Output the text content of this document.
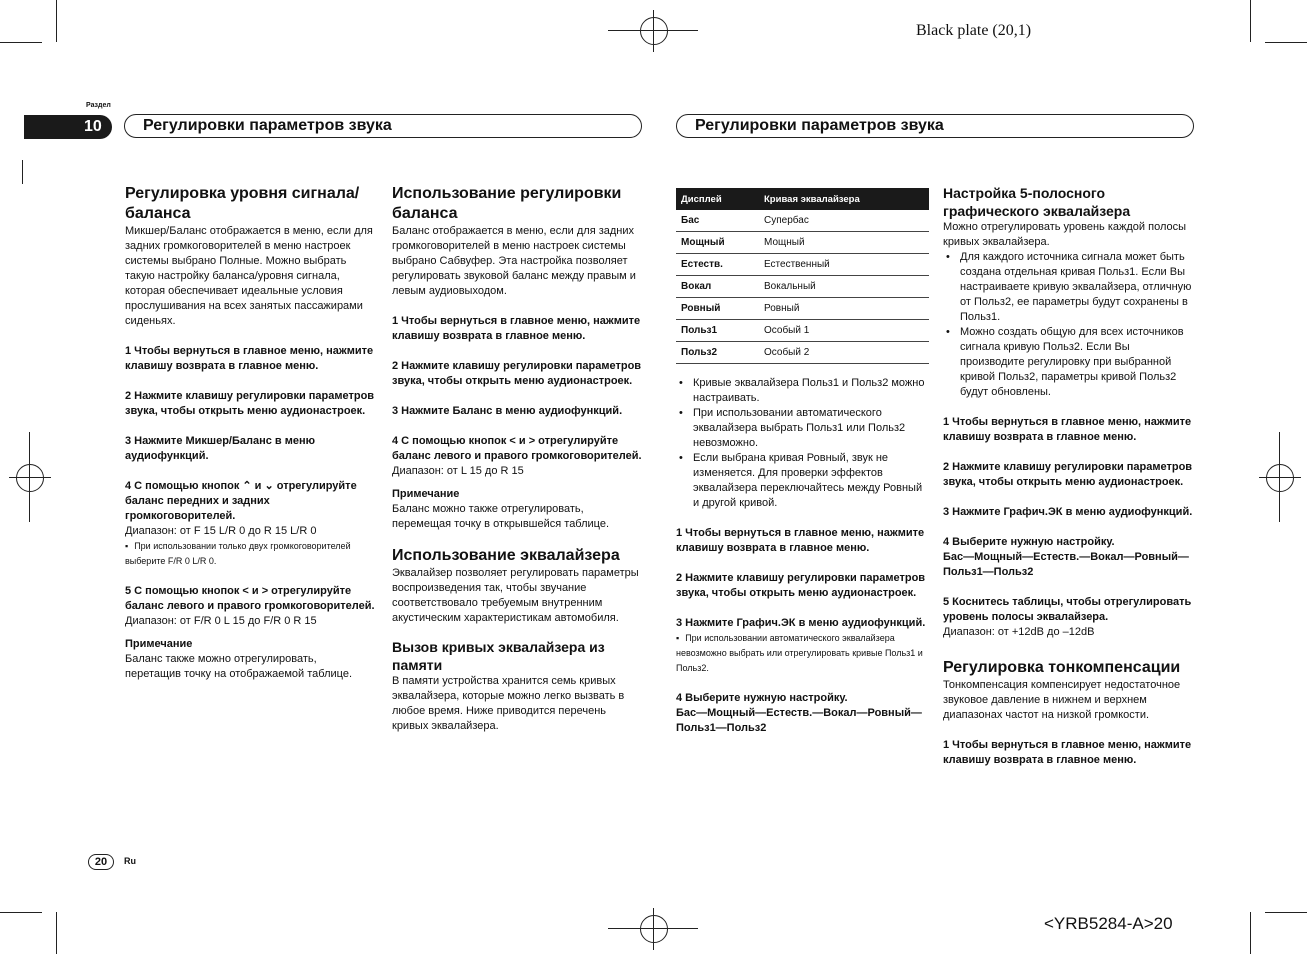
Black plate (20,1)
Раздел
10	Регулировки параметров звука	Регулировки параметров звука

Регулировка уровня сигнала/баланса

Микшер/Баланс отображается в меню, если для задних громкоговорителей в меню настроек системы выбрано Полные. Можно выбрать такую настройку баланса/уровня сигнала, которая обеспечивает идеальные условия прослушивания на всех занятых пассажирами сиденьях.

1 Чтобы вернуться в главное меню, нажмите клавишу возврата в главное меню.

2 Нажмите клавишу регулировки параметров звука, чтобы открыть меню аудионастроек.

3 Нажмите Микшер/Баланс в меню аудиофункций.

4 С помощью кнопок ⌃ и ⌄ отрегулируйте баланс передних и задних громкоговорителей.

Диапазон: от F 15 L/R 0 до R 15 L/R 0

▪ При использовании только двух громкоговорителей выберите F/R 0 L/R 0.

5 С помощью кнопок < и > отрегулируйте баланс левого и правого громкоговорителей.

Диапазон: от F/R 0 L 15 до F/R 0 R 15

Примечание

Баланс также можно отрегулировать, перетащив точку на отображаемой таблице.

Использование регулировки баланса

Баланс отображается в меню, если для задних громкоговорителей в меню настроек системы выбрано Сабвуфер. Эта настройка позволяет регулировать звуковой баланс между правым и левым аудиовыходом.

1 Чтобы вернуться в главное меню, нажмите клавишу возврата в главное меню.

2 Нажмите клавишу регулировки параметров звука, чтобы открыть меню аудионастроек.

3 Нажмите Баланс в меню аудиофункций.

4 С помощью кнопок < и > отрегулируйте баланс левого и правого громкоговорителей.

Диапазон: от L 15 до R 15

Примечание

Баланс можно также отрегулировать, перемещая точку в открывшейся таблице.

Использование эквалайзера

Эквалайзер позволяет регулировать параметры воспроизведения так, чтобы звучание соответствовало требуемым внутренним акустическим характеристикам автомобиля.

Вызов кривых эквалайзера из памяти

В памяти устройства хранится семь кривых эквалайзера, которые можно легко вызвать в любое время. Ниже приводится перечень кривых эквалайзера.

Дисплей	Кривая эквалайзера
Бас	Супербас
Мощный	Мощный
Естеств.	Естественный
Вокал	Вокальный
Ровный	Ровный
Польз1	Особый 1
Польз2	Особый 2
• Кривые эквалайзера Польз1 и Польз2 можно настраивать.
• При использовании автоматического эквалайзера выбрать Польз1 или Польз2 невозможно.
• Если выбрана кривая Ровный, звук не изменяется. Для проверки эффектов эквалайзера переключайтесь между Ровный и другой кривой.

1 Чтобы вернуться в главное меню, нажмите клавишу возврата в главное меню.

2 Нажмите клавишу регулировки параметров звука, чтобы открыть меню аудионастроек.

3 Нажмите Графич.ЭК в меню аудиофункций.

▪ При использовании автоматического эквалайзера невозможно выбрать или отрегулировать кривые Польз1 и Польз2.

4 Выберите нужную настройку.

Бас—Мощный—Естеств.—Вокал—Ровный—Польз1—Польз2

Настройка 5-полосного графического эквалайзера

Можно отрегулировать уровень каждой полосы кривых эквалайзера.

• Для каждого источника сигнала может быть создана отдельная кривая Польз1. Если Вы настраиваете кривую эквалайзера, отличную от Польз2, ее параметры будут сохранены в Польз1.
• Можно создать общую для всех источников сигнала кривую Польз2. Если Вы производите регулировку при выбранной кривой Польз2, параметры кривой Польз2 будут обновлены.

1 Чтобы вернуться в главное меню, нажмите клавишу возврата в главное меню.

2 Нажмите клавишу регулировки параметров звука, чтобы открыть меню аудионастроек.

3 Нажмите Графич.ЭК в меню аудиофункций.

4 Выберите нужную настройку.

Бас—Мощный—Естеств.—Вокал—Ровный—Польз1—Польз2

5 Коснитесь таблицы, чтобы отрегулировать уровень полосы эквалайзера.

Диапазон: от +12dB до –12dB

Регулировка тонкомпенсации

Тонкомпенсация компенсирует недостаточное звуковое давление в нижнем и верхнем диапазонах частот на низкой громкости.

1 Чтобы вернуться в главное меню, нажмите клавишу возврата в главное меню.

20	Ru
<YRB5284-A>20
